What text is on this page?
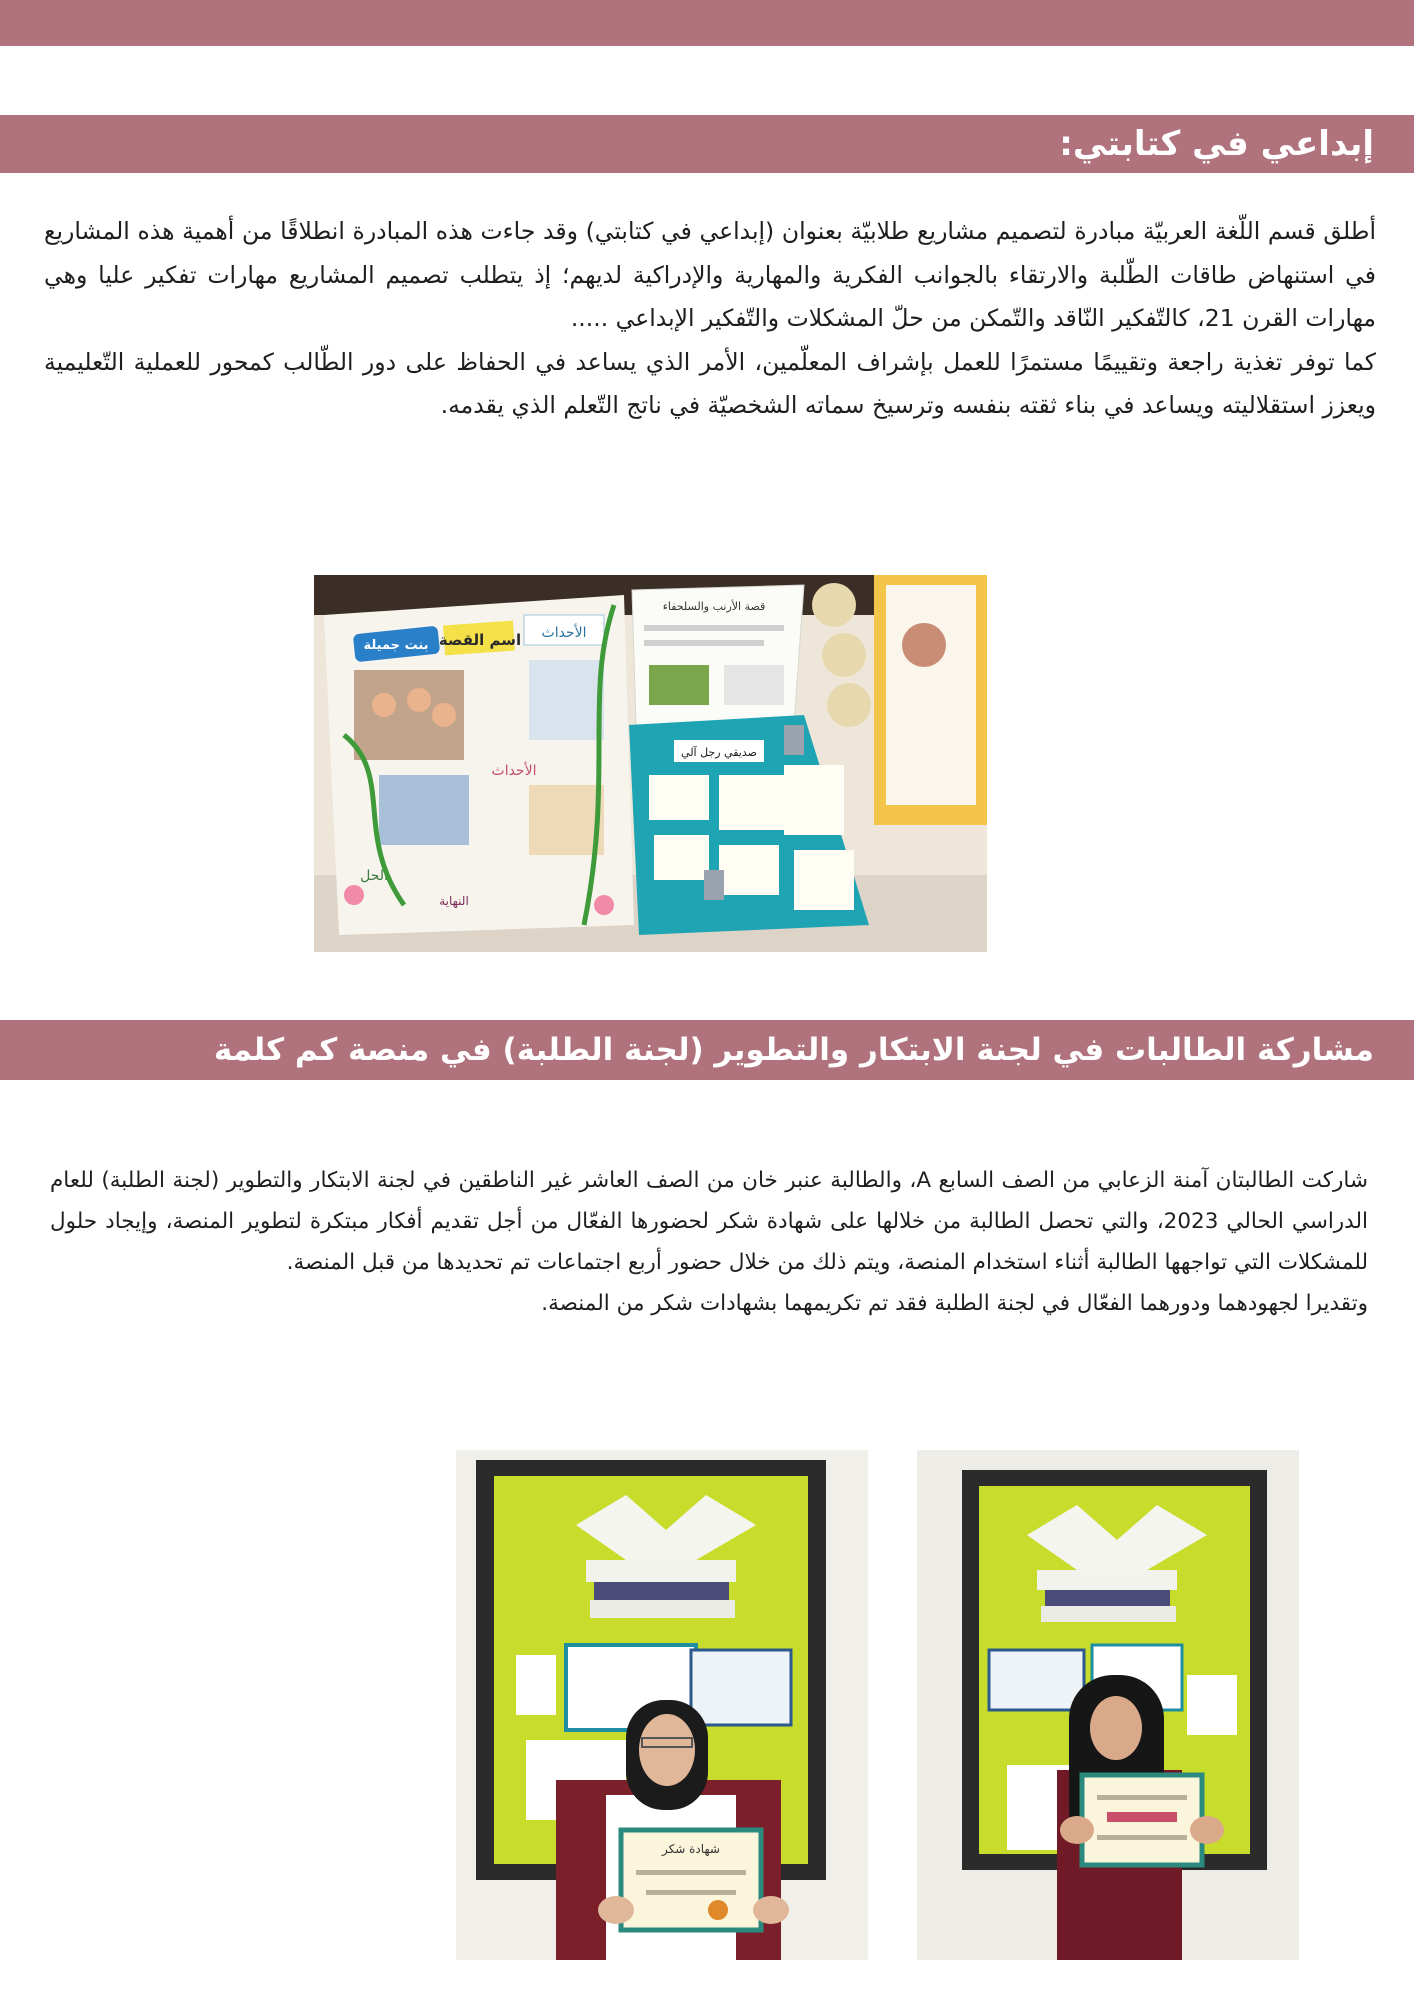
إبداعي في كتابتي:

أطلق قسم اللّغة العربيّة مبادرة لتصميم مشاريع طلابيّة بعنوان (إبداعي في كتابتي) وقد جاءت هذه المبادرة انطلاقًا من أهمية هذه المشاريع في استنهاض طاقات الطّلبة والارتقاء بالجوانب الفكرية والمهارية والإدراكية لديهم؛ إذ يتطلب تصميم المشاريع مهارات تفكير عليا وهي مهارات القرن 21، كالتّفكير النّاقد والتّمكن من حلّ المشكلات والتّفكير الإبداعي .....

كما توفر تغذية راجعة وتقييمًا مستمرًا للعمل بإشراف المعلّمين، الأمر الذي يساعد في الحفاظ على دور الطّالب كمحور للعملية التّعليمية ويعزز استقلاليته ويساعد في بناء ثقته بنفسه وترسيخ سماته الشخصيّة في ناتج التّعلم الذي يقدمه.

اسم القصة
بنت جميلة
الأحداث
الأحداث
الحل
النهاية
قصة الأرنب والسلحفاء
صديقي رجل آلي
مشاركة الطالبات في لجنة الابتكار والتطوير (لجنة الطلبة) في منصة كم كلمة

شاركت الطالبتان آمنة الزعابي من الصف السابع A، والطالبة عنبر خان من الصف العاشر غير الناطقين في لجنة الابتكار والتطوير (لجنة الطلبة) للعام الدراسي الحالي 2023، والتي تحصل الطالبة من خلالها على شهادة شكر لحضورها الفعّال من أجل تقديم أفكار مبتكرة لتطوير المنصة، وإيجاد حلول للمشكلات التي تواجهها الطالبة أثناء استخدام المنصة، ويتم ذلك من خلال حضور أربع اجتماعات تم تحديدها من قبل المنصة.

وتقديرا لجهودهما ودورهما الفعّال في لجنة الطلبة فقد تم تكريمهما بشهادات شكر من المنصة.

شهادة شكر
